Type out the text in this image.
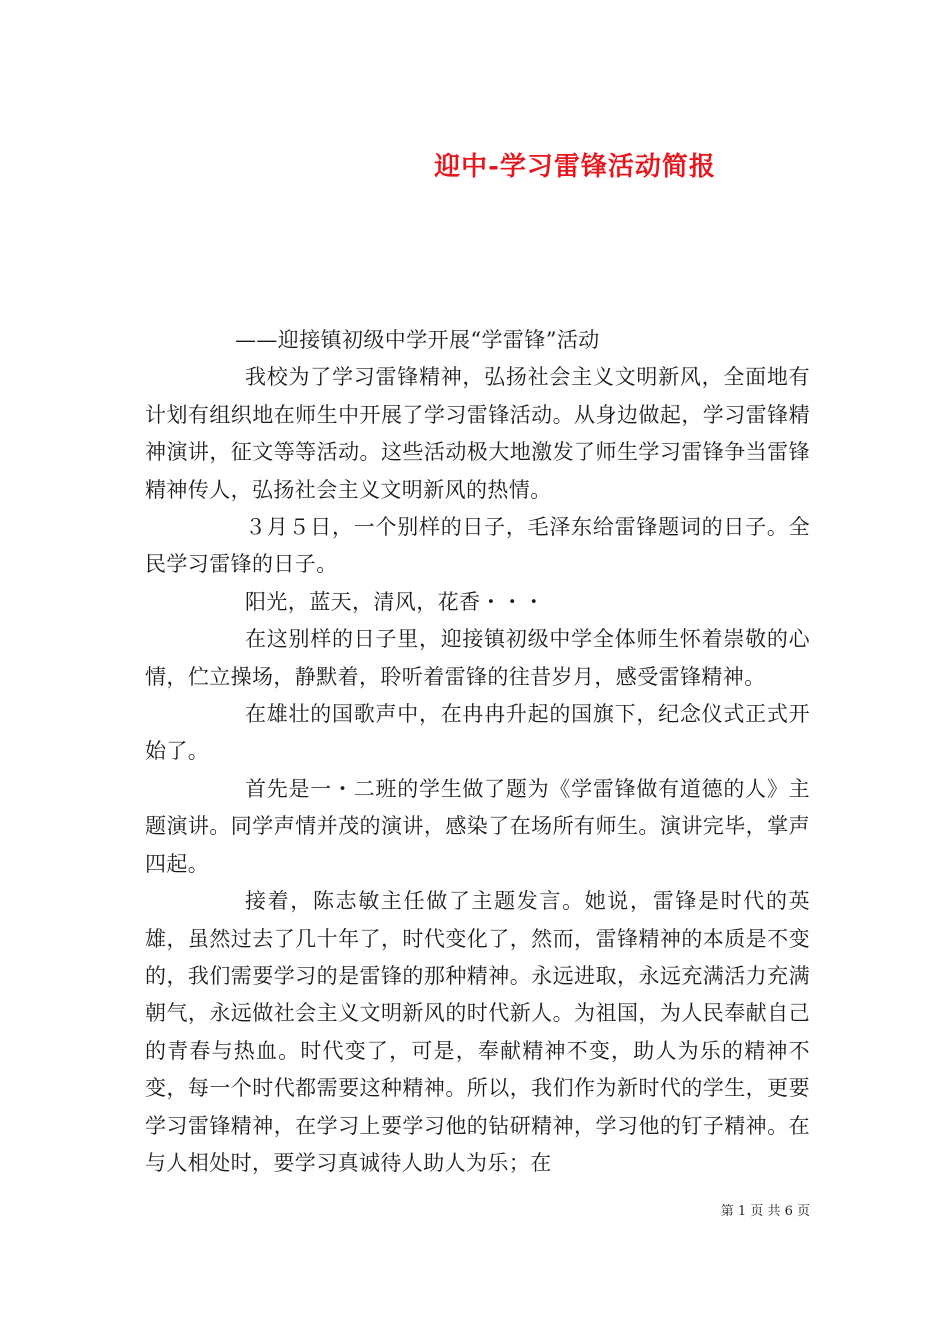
迎中-学习雷锋活动简报
——迎接镇初级中学开展“学雷锋”活动

我校为了学习雷锋精神，弘扬社会主义文明新风，全面地有计划有组织地在师生中开展了学习雷锋活动。从身边做起，学习雷锋精神演讲，征文等等活动。这些活动极大地激发了师生学习雷锋争当雷锋精神传人，弘扬社会主义文明新风的热情。

３月５日，一个别样的日子，毛泽东给雷锋题词的日子。全民学习雷锋的日子。

阳光，蓝天，清风，花香・・・

在这别样的日子里，迎接镇初级中学全体师生怀着崇敬的心情，伫立操场，静默着，聆听着雷锋的往昔岁月，感受雷锋精神。

在雄壮的国歌声中，在冉冉升起的国旗下，纪念仪式正式开始了。

首先是一・二班的学生做了题为《学雷锋做有道德的人》主题演讲。同学声情并茂的演讲，感染了在场所有师生。演讲完毕，掌声四起。

接着，陈志敏主任做了主题发言。她说，雷锋是时代的英雄，虽然过去了几十年了，时代变化了，然而，雷锋精神的本质是不变的，我们需要学习的是雷锋的那种精神。永远进取，永远充满活力充满朝气，永远做社会主义文明新风的时代新人。为祖国，为人民奉献自己的青春与热血。时代变了，可是，奉献精神不变，助人为乐的精神不变，每一个时代都需要这种精神。所以，我们作为新时代的学生，更要学习雷锋精神，在学习上要学习他的钻研精神，学习他的钉子精神。在与人相处时，要学习真诚待人助人为乐；在

第 1 页 共 6 页
